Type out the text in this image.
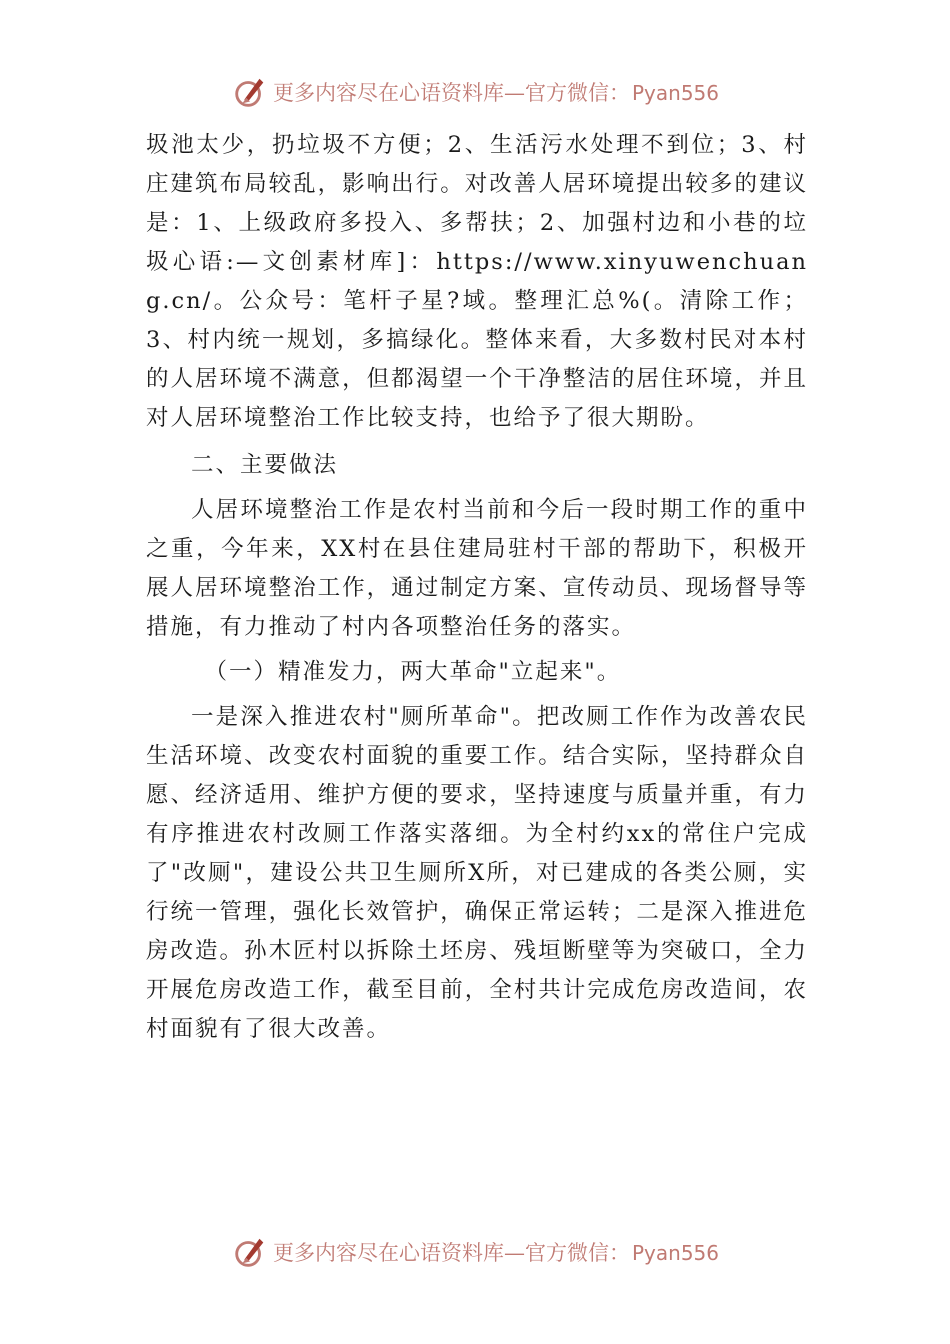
更多内容尽在心语资料库—官方微信： Pyan556

圾池太少，扔垃圾不方便；2、生活污水处理不到位；3、村庄建筑布局较乱，影响出行。对改善人居环境提出较多的建议是：1、上级政府多投入、多帮扶；2、加强村边和小巷的垃圾心语:—文创素材库]：https://www.xinyuwenchuang.cn/。公众号：笔杆子星?域。整理汇总%(。清除工作；3、村内统一规划，多搞绿化。整体来看，大多数村民对本村的人居环境不满意，但都渴望一个干净整洁的居住环境，并且对人居环境整治工作比较支持，也给予了很大期盼。

二、主要做法

人居环境整治工作是农村当前和今后一段时期工作的重中之重，今年来，XX村在县住建局驻村干部的帮助下，积极开展人居环境整治工作，通过制定方案、宣传动员、现场督导等措施，有力推动了村内各项整治任务的落实。

（一）精准发力，两大革命"立起来"。

一是深入推进农村"厕所革命"。把改厕工作作为改善农民生活环境、改变农村面貌的重要工作。结合实际，坚持群众自愿、经济适用、维护方便的要求，坚持速度与质量并重，有力有序推进农村改厕工作落实落细。为全村约xx的常住户完成了"改厕"，建设公共卫生厕所X所，对已建成的各类公厕，实行统一管理，强化长效管护，确保正常运转；二是深入推进危房改造。孙木匠村以拆除土坯房、残垣断壁等为突破口，全力开展危房改造工作，截至目前，全村共计完成危房改造间，农村面貌有了很大改善。

更多内容尽在心语资料库—官方微信： Pyan556
